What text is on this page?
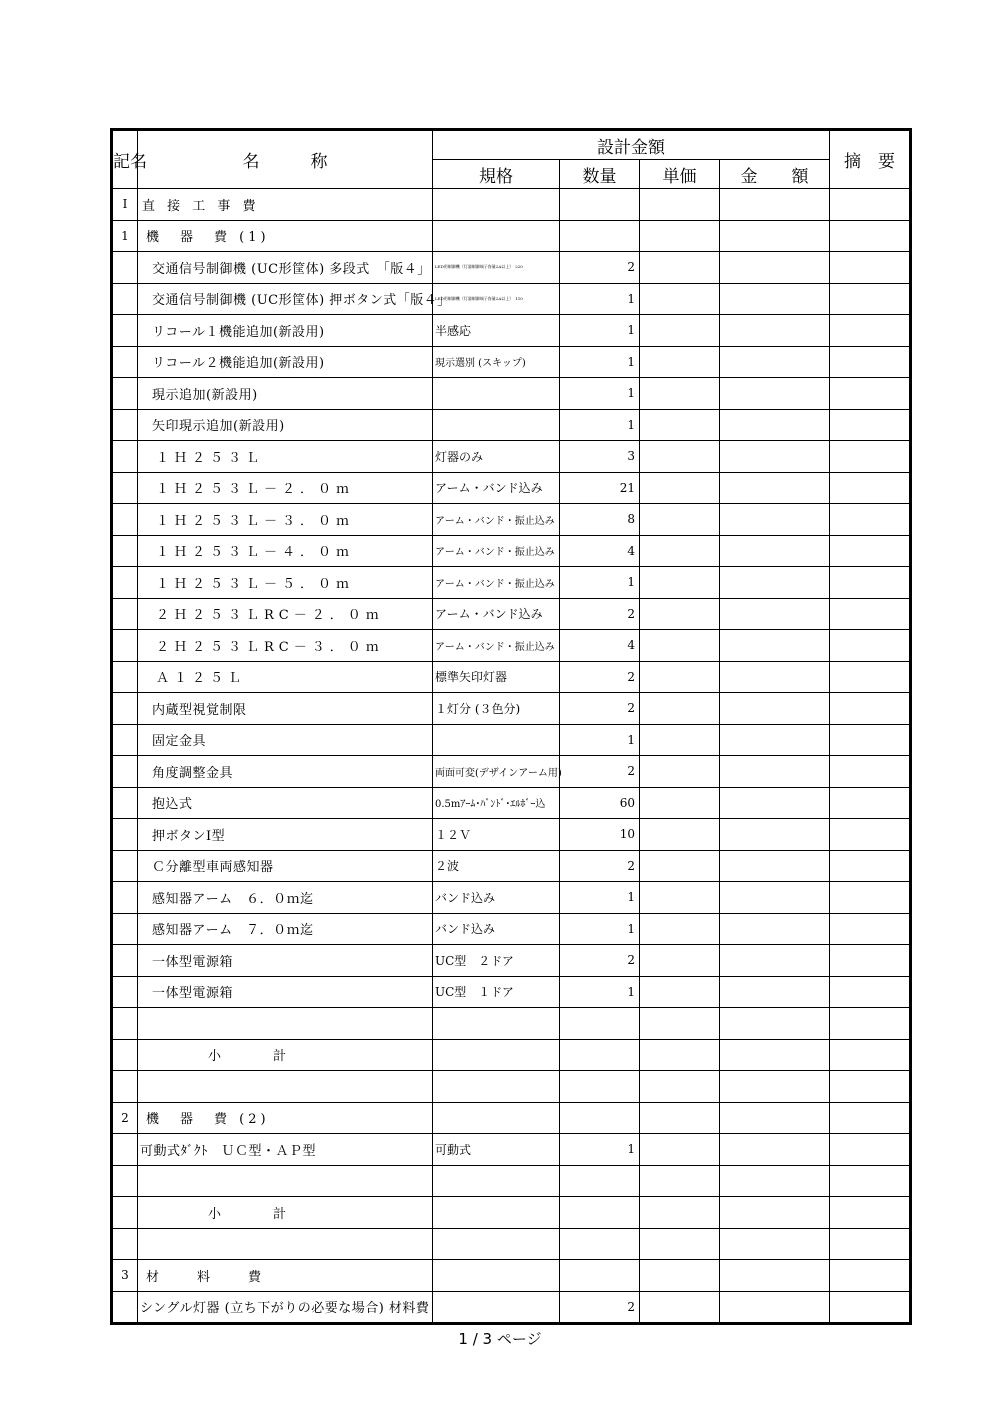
記名	名　　　称	設計金額				摘　要
		規格	数量	単価	金　　額	
Ⅰ	直 接 工 事 費					
1	機　器　費 (1)					
	交通信号制御機 (UC形筐体) 多段式　「版４」	LED用制御機（灯器制御端子容量2A以上）　220	2			
	交通信号制御機 (UC形筐体) 押ボタン式「版４」	LED用制御機（灯器制御端子容量2A以上）　110	1			
	リコール１機能追加(新設用)	半感応	1			
	リコール２機能追加(新設用)	現示選別 (スキップ)	1			
	現示追加(新設用)		1			
	矢印現示追加(新設用)		1			
	１Ｈ２５３Ｌ	灯器のみ	3			
	１Ｈ２５３Ｌ－２．０ｍ	アーム・バンド込み	21			
	１Ｈ２５３Ｌ－３．０ｍ	アーム・バンド・振止込み	8			
	１Ｈ２５３Ｌ－４．０ｍ	アーム・バンド・振止込み	4			
	１Ｈ２５３Ｌ－５．０ｍ	アーム・バンド・振止込み	1			
	２Ｈ２５３ＬRC－２．０ｍ	アーム・バンド込み	2			
	２Ｈ２５３ＬRC－３．０ｍ	アーム・バンド・振止込み	4			
	Ａ１２５Ｌ	標準矢印灯器	2			
	内蔵型視覚制限	１灯分 (３色分)	2			
	固定金具		1			
	角度調整金具	両面可変(デザインアーム用)	2			
	抱込式	0.5mｱｰﾑ･ﾊﾞﾝﾄﾞ･ｴﾙﾎﾞｰ込	60			
	押ボタンⅠ型	１２Ｖ	10			
	Ｃ分離型車両感知器	２波	2			
	感知器アーム　６．０ｍ迄	バンド込み	1			
	感知器アーム　７．０ｍ迄	バンド込み	1			
	一体型電源箱	UC型　２ドア	2			
	一体型電源箱	UC型　１ドア	1			

	小　　　　計					

2	機　器　費 (2)					
	可動式ﾀﾞｸﾄ　ＵＣ型・ＡＰ型	可動式	1			

	小　　　　計					

3	材　　料　　費					
	シングル灯器 (立ち下がりの必要な場合) 材料費		2			
1 / 3 ページ
